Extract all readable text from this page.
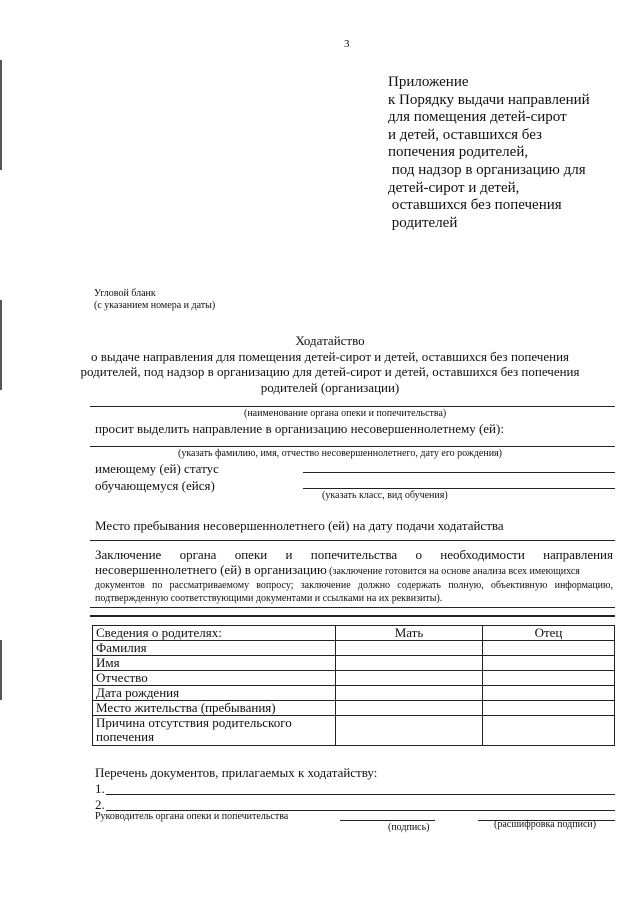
3
Приложение
к Порядку выдачи направлений
для помещения детей-сирот
и детей, оставшихся без
попечения родителей,
под надзор в организацию для
детей-сирот и детей,
оставшихся без попечения
родителей
Угловой бланк
(с указанием номера и даты)
Ходатайство
о выдаче направления для помещения детей-сирот и детей, оставшихся без попечения
родителей, под надзор в организацию для детей-сирот и детей, оставшихся без попечения
родителей (организации)
(наименование органа опеки и попечительства)
просит выделить направление в организацию несовершеннолетнему (ей):
(указать фамилию, имя, отчество несовершеннолетнего, дату его рождения)
имеющему (ей) статус
обучающемуся (ейся)
(указать класс, вид обучения)
Место пребывания несовершеннолетнего (ей) на дату подачи ходатайства
Заключение органа опеки и попечительства о необходимости направления
несовершеннолетнего (ей) в организацию (заключение готовится на основе анализа всех имеющихся
документов по рассматриваемому вопросу; заключение должно содержать полную, объективную информацию, подтвержденную соответствующими документами и ссылками на их реквизиты).
Сведения о родителях:	Мать	Отец
Фамилия		
Имя		
Отчество		
Дата рождения		
Место жительства (пребывания)		
Причина отсутствия родительского попечения		
Перечень документов, прилагаемых к ходатайству:
1.
2.
Руководитель органа опеки и попечительства
(подпись)	(расшифровка подписи)
